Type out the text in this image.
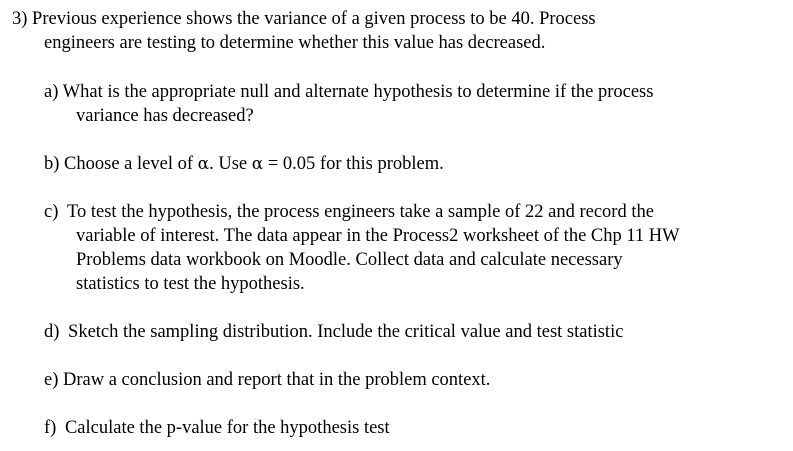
3) Previous experience shows the variance of a given process to be 40. Process
engineers are testing to determine whether this value has decreased.
a) What is the appropriate null and alternate hypothesis to determine if the process
variance has decreased?
b) Choose a level of α. Use α = 0.05 for this problem.
c) To test the hypothesis, the process engineers take a sample of 22 and record the
variable of interest. The data appear in the Process2 worksheet of the Chp 11 HW
Problems data workbook on Moodle. Collect data and calculate necessary
statistics to test the hypothesis.
d) Sketch the sampling distribution. Include the critical value and test statistic
e) Draw a conclusion and report that in the problem context.
f) Calculate the p-value for the hypothesis test
